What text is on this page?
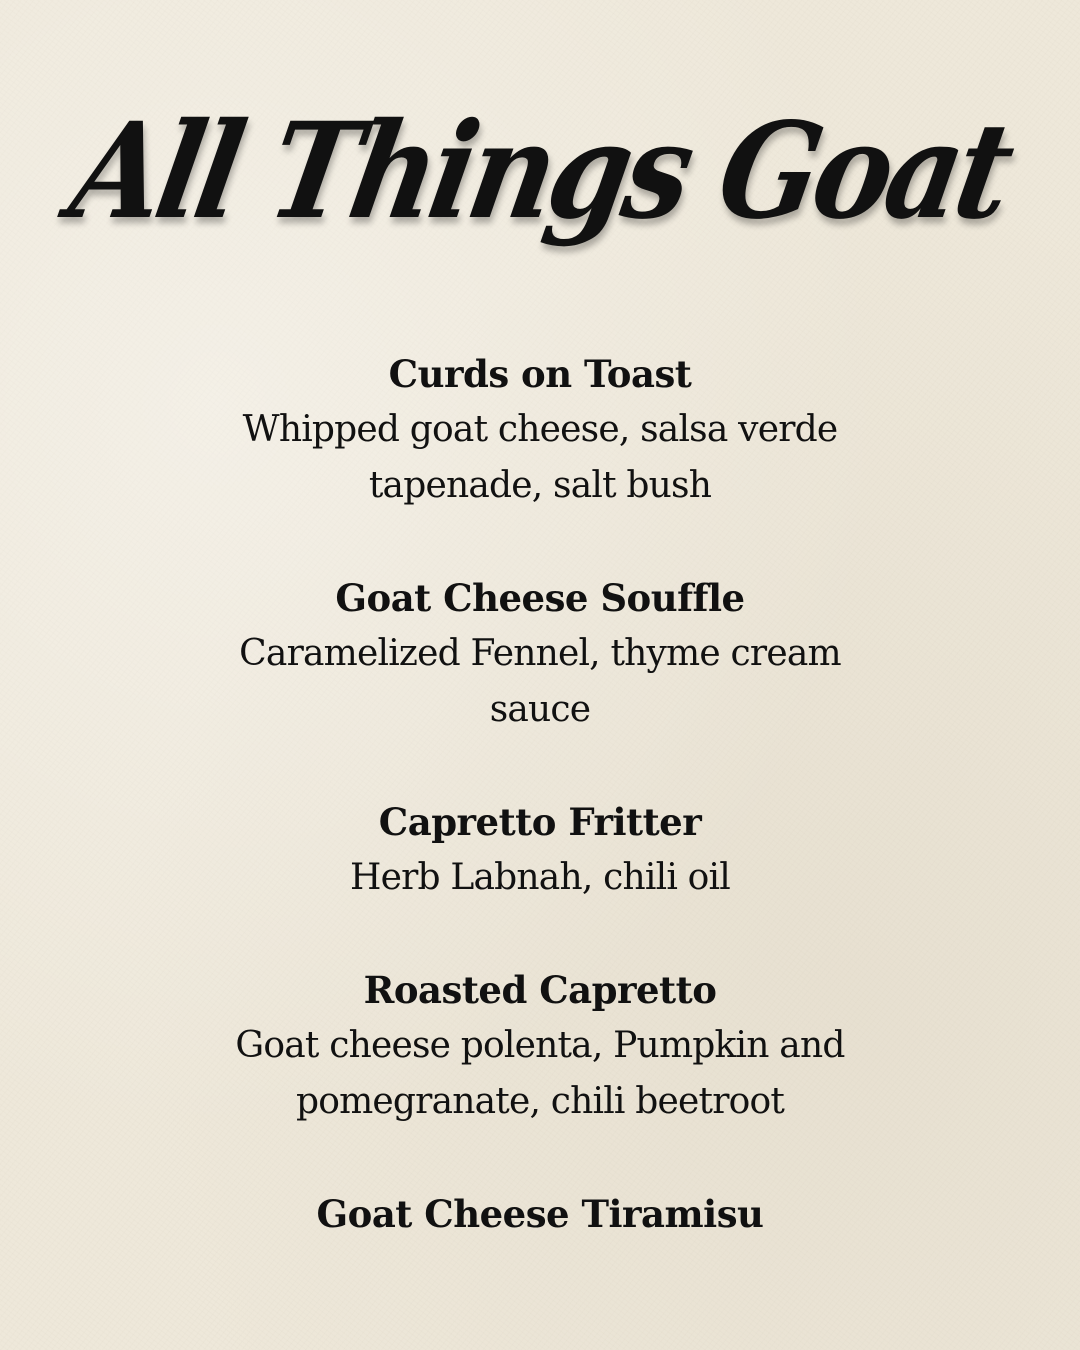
All Things Goat
Curds on Toast
Whipped goat cheese, salsa verde tapenade, salt bush
Goat Cheese Souffle
Caramelized Fennel, thyme cream sauce
Capretto Fritter
Herb Labnah, chili oil
Roasted Capretto
Goat cheese polenta, Pumpkin and pomegranate, chili beetroot
Goat Cheese Tiramisu
